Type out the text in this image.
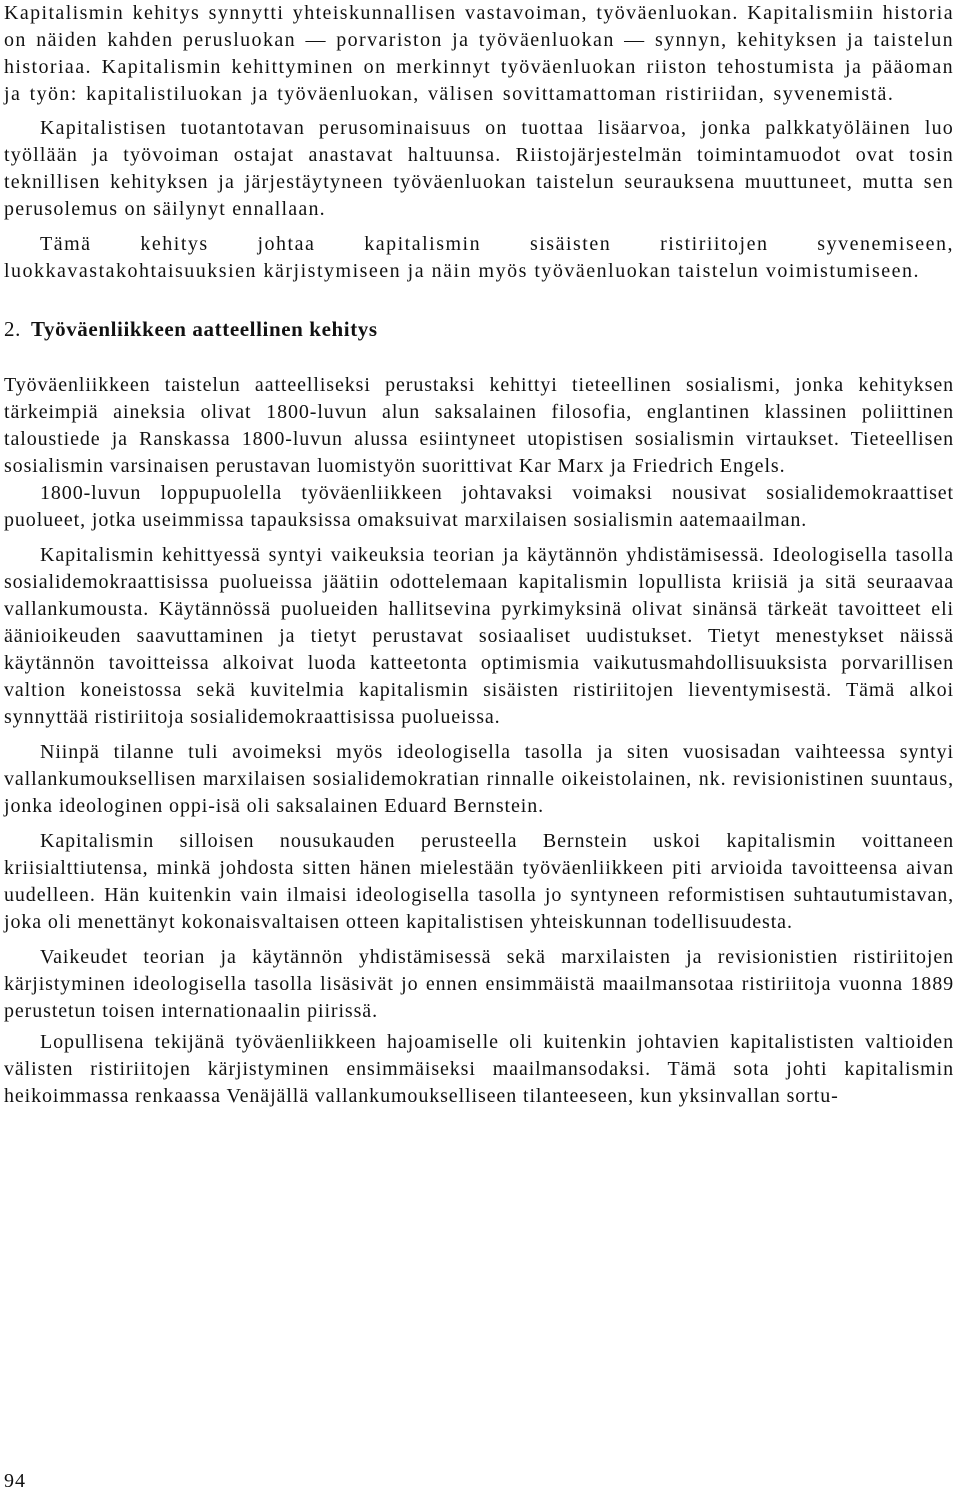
Kapitalismin kehitys synnytti yhteiskunnallisen vastavoiman, työväenluokan. Kapitalismiin historia on näiden kahden perusluokan — porvariston ja työväenluokan — synnyn, kehityksen ja taistelun historiaa. Kapitalismin kehittyminen on merkinnyt työväenluokan riiston tehostumista ja pääoman ja työn: kapitalistiluokan ja työväenluokan, välisen sovittamattoman ristiriidan, syvenemistä.

Kapitalistisen tuotantotavan perusominaisuus on tuottaa lisäarvoa, jonka palkkatyöläinen luo työllään ja työvoiman ostajat anastavat haltuunsa. Riistojärjestelmän toimintamuodot ovat tosin teknillisen kehityksen ja järjestäytyneen työväenluokan taistelun seurauksena muuttuneet, mutta sen perusolemus on säilynyt ennallaan.

Tämä kehitys johtaa kapitalismin sisäisten ristiriitojen syvenemiseen, luokkavastakohtaisuuksien kärjistymiseen ja näin myös työväenluokan taistelun voimistumiseen.

2. Työväenliikkeen aatteellinen kehitys

Työväenliikkeen taistelun aatteelliseksi perustaksi kehittyi tieteellinen sosialismi, jonka kehityksen tärkeimpiä aineksia olivat 1800-luvun alun saksalainen filosofia, englantinen klassinen poliittinen taloustiede ja Ranskassa 1800-luvun alussa esiintyneet utopistisen sosialismin virtaukset. Tieteellisen sosialismin varsinaisen perustavan luomistyön suorittivat Kar Marx ja Friedrich Engels.

1800-luvun loppupuolella työväenliikkeen johtavaksi voimaksi nousivat sosialidemokraattiset puolueet, jotka useimmissa tapauksissa omaksuivat marxilaisen sosialismin aatemaailman.

Kapitalismin kehittyessä syntyi vaikeuksia teorian ja käytännön yhdistämisessä. Ideologisella tasolla sosialidemokraattisissa puolueissa jäätiin odottelemaan kapitalismin lopullista kriisiä ja sitä seuraavaa vallankumousta. Käytännössä puolueiden hallitsevina pyrkimyksinä olivat sinänsä tärkeät tavoitteet eli äänioikeuden saavuttaminen ja tietyt perustavat sosiaaliset uudistukset. Tietyt menestykset näissä käytännön tavoitteissa alkoivat luoda katteetonta optimismia vaikutusmahdollisuuksista porvarillisen valtion koneistossa sekä kuvitelmia kapitalismin sisäisten ristiriitojen lieventymisestä. Tämä alkoi synnyttää ristiriitoja sosialidemokraattisissa puolueissa.

Niinpä tilanne tuli avoimeksi myös ideologisella tasolla ja siten vuosisadan vaihteessa syntyi vallankumouksellisen marxilaisen sosialidemokratian rinnalle oikeistolainen, nk. revisionistinen suuntaus, jonka ideologinen oppi-isä oli saksalainen Eduard Bernstein.

Kapitalismin silloisen nousukauden perusteella Bernstein uskoi kapitalismin voittaneen kriisialttiutensa, minkä johdosta sitten hänen mielestään työväenliikkeen piti arvioida tavoitteensa aivan uudelleen. Hän kuitenkin vain ilmaisi ideologisella tasolla jo syntyneen reformistisen suhtautumistavan, joka oli menettänyt kokonaisvaltaisen otteen kapitalistisen yhteiskunnan todellisuudesta.

Vaikeudet teorian ja käytännön yhdistämisessä sekä marxilaisten ja revisionistien ristiriitojen kärjistyminen ideologisella tasolla lisäsivät jo ennen ensimmäistä maailmansotaa ristiriitoja vuonna 1889 perustetun toisen internationaalin piirissä.

Lopullisena tekijänä työväenliikkeen hajoamiselle oli kuitenkin johtavien kapitalististen valtioiden välisten ristiriitojen kärjistyminen ensimmäiseksi maailmansodaksi. Tämä sota johti kapitalismin heikoimmassa renkaassa Venäjällä vallankumoukselliseen tilanteeseen, kun yksinvallan sortu-

94
